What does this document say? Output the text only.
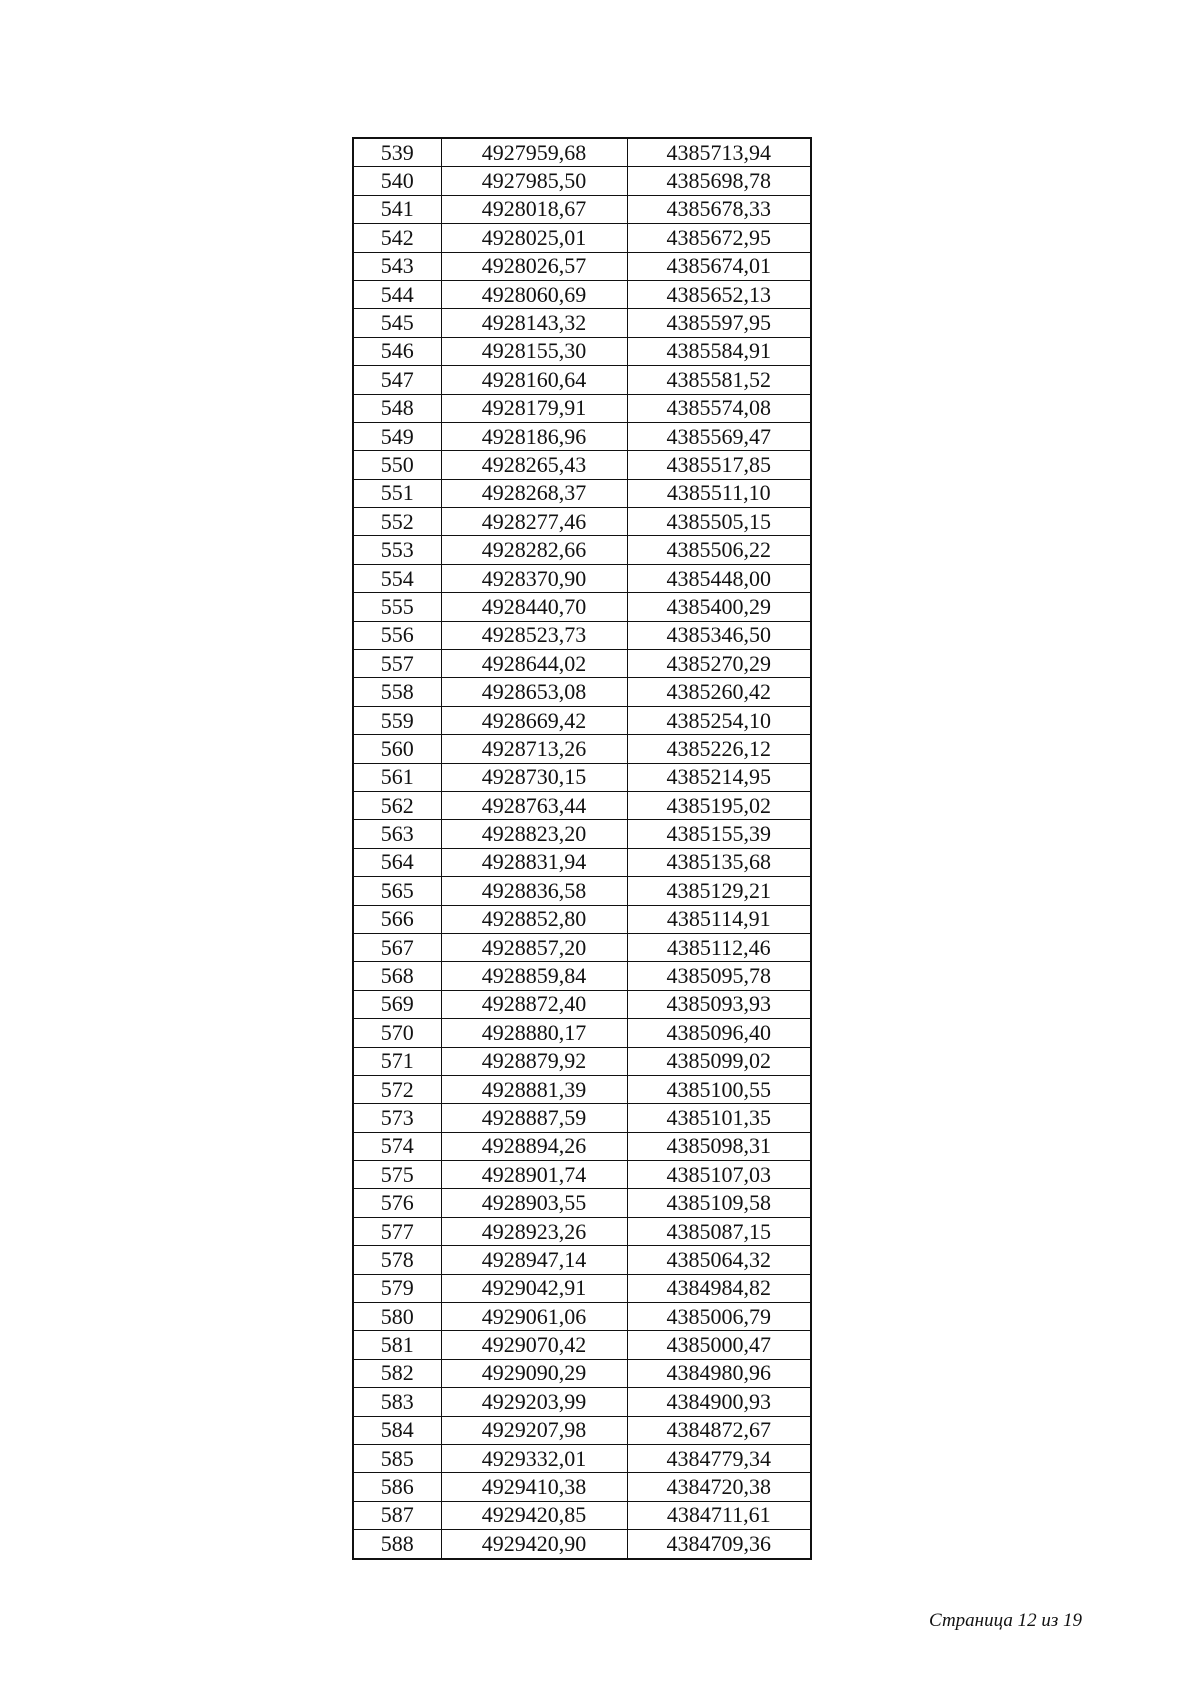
539	4927959,68	4385713,94
540	4927985,50	4385698,78
541	4928018,67	4385678,33
542	4928025,01	4385672,95
543	4928026,57	4385674,01
544	4928060,69	4385652,13
545	4928143,32	4385597,95
546	4928155,30	4385584,91
547	4928160,64	4385581,52
548	4928179,91	4385574,08
549	4928186,96	4385569,47
550	4928265,43	4385517,85
551	4928268,37	4385511,10
552	4928277,46	4385505,15
553	4928282,66	4385506,22
554	4928370,90	4385448,00
555	4928440,70	4385400,29
556	4928523,73	4385346,50
557	4928644,02	4385270,29
558	4928653,08	4385260,42
559	4928669,42	4385254,10
560	4928713,26	4385226,12
561	4928730,15	4385214,95
562	4928763,44	4385195,02
563	4928823,20	4385155,39
564	4928831,94	4385135,68
565	4928836,58	4385129,21
566	4928852,80	4385114,91
567	4928857,20	4385112,46
568	4928859,84	4385095,78
569	4928872,40	4385093,93
570	4928880,17	4385096,40
571	4928879,92	4385099,02
572	4928881,39	4385100,55
573	4928887,59	4385101,35
574	4928894,26	4385098,31
575	4928901,74	4385107,03
576	4928903,55	4385109,58
577	4928923,26	4385087,15
578	4928947,14	4385064,32
579	4929042,91	4384984,82
580	4929061,06	4385006,79
581	4929070,42	4385000,47
582	4929090,29	4384980,96
583	4929203,99	4384900,93
584	4929207,98	4384872,67
585	4929332,01	4384779,34
586	4929410,38	4384720,38
587	4929420,85	4384711,61
588	4929420,90	4384709,36
Страница 12 из 19
